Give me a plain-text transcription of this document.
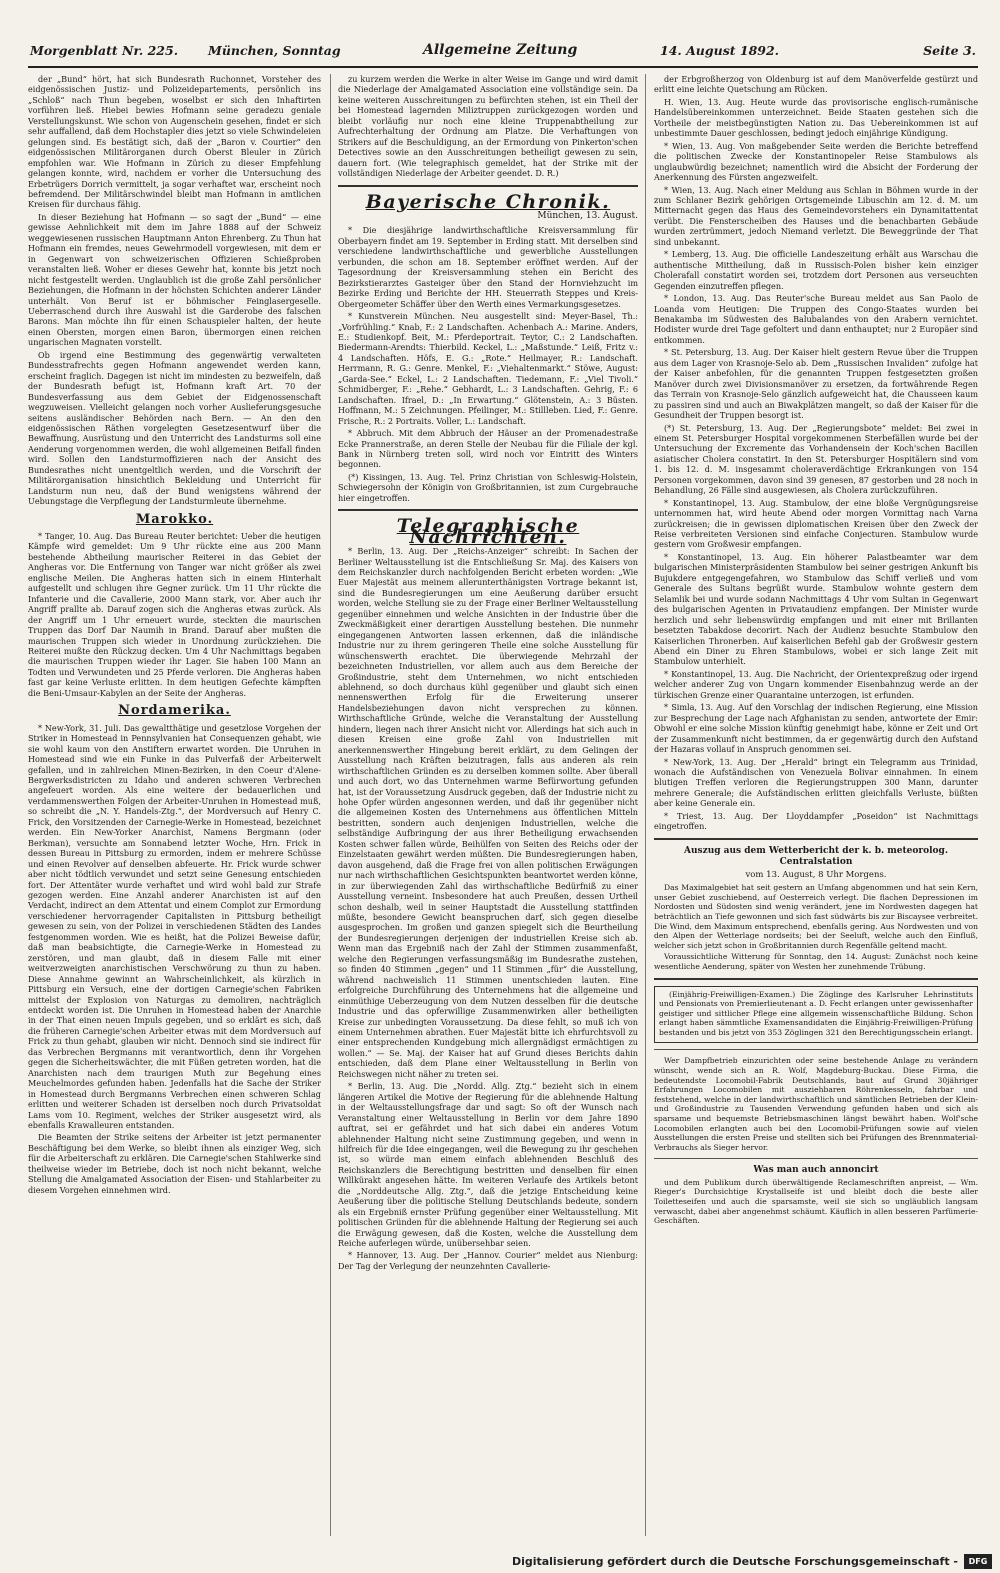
Morgenblatt Nr. 225. München, Sonntag	Allgemeine Zeitung	14. August 1892.	Seite 3.

der „Bund“ hört, hat sich Bundesrath Ruchonnet, Vorsteher des eidgenössischen Justiz- und Polizeidepartements, persönlich ins „Schloß“ nach Thun begeben, woselbst er sich den Inhaftirten vorführen ließ. Hiebei bewies Hofmann seine geradezu geniale Verstellungskunst. Wie schon von Augenschein gesehen, findet er sich sehr auffallend, daß dem Hochstapler dies jetzt so viele Schwindeleien gelungen sind. Es bestätigt sich, daß der „Baron v. Courtier“ den eidgenössischen Militärorganen durch Oberst Bleuler in Zürich empfohlen war. Wie Hofmann in Zürich zu dieser Empfehlung gelangen konnte, wird, nachdem er vorher die Untersuchung des Erbetrügers Dorrich vermittelt, ja sogar verhaftet war, erscheint noch befremdend. Der Militärschwindel bleibt man Hofmann in amtlichen Kreisen für durchaus fähig.

In dieser Beziehung hat Hofmann — so sagt der „Bund“ — eine gewisse Aehnlichkeit mit dem im Jahre 1888 auf der Schweiz weggewiesenen russischen Hauptmann Anton Ehrenberg. Zu Thun hat Hofmann ein fremdes, neues Gewehrmodell vorgewiesen, mit dem er in Gegenwart von schweizerischen Offizieren Schießproben veranstalten ließ. Woher er dieses Gewehr hat, konnte bis jetzt noch nicht festgestellt werden. Unglaublich ist die große Zahl persönlicher Beziehungen, die Hofmann in der höchsten Schichten anderer Länder unterhält. Von Beruf ist er böhmischer Feinglasergeselle. Ueberraschend durch ihre Auswahl ist die Garderobe des falschen Barons. Man möchte ihn für einen Schauspieler halten, der heute einen Obersten, morgen einen Baron, übermorgen einen reichen ungarischen Magnaten vorstellt.

Ob irgend eine Bestimmung des gegenwärtig verwalteten Bundesstrafrechts gegen Hofmann angewendet werden kann, erscheint fraglich. Dagegen ist nicht im mindesten zu bezweifeln, daß der Bundesrath befugt ist, Hofmann kraft Art. 70 der Bundesverfassung aus dem Gebiet der Eidgenossenschaft wegzuweisen. Vielleicht gelangen noch vorher Auslieferungsgesuche seitens ausländischer Behörden nach Bern. — An den den eidgenössischen Räthen vorgelegten Gesetzesentwurf über die Bewaffnung, Ausrüstung und den Unterricht des Landsturms soll eine Aenderung vorgenommen werden, die wohl allgemeinen Beifall finden wird. Sollen den Landsturmoffizieren nach der Ansicht des Bundesrathes nicht unentgeltlich werden, und die Vorschrift der Militärorganisation hinsichtlich Bekleidung und Unterricht für Landsturm nun neu, daß der Bund wenigstens während der Uebungstage die Verpflegung der Landsturmleute übernehme.

Marokko.

* Tanger, 10. Aug. Das Bureau Reuter berichtet: Ueber die heutigen Kämpfe wird gemeldet: Um 9 Uhr rückte eine aus 200 Mann bestehende Abtheilung maurischer Reiterei in das Gebiet der Angheras vor. Die Entfernung von Tanger war nicht größer als zwei englische Meilen. Die Angheras hatten sich in einem Hinterhalt aufgestellt und schlugen ihre Gegner zurück. Um 11 Uhr rückte die Infanterie und die Cavallerie, 2000 Mann stark, vor. Aber auch ihr Angriff prallte ab. Darauf zogen sich die Angheras etwas zurück. Als der Angriff um 1 Uhr erneuert wurde, steckten die maurischen Truppen das Dorf Dar Naumih in Brand. Darauf aber mußten die maurischen Truppen sich wieder in Unordnung zurückziehen. Die Reiterei mußte den Rückzug decken. Um 4 Uhr Nachmittags begaben die maurischen Truppen wieder ihr Lager. Sie haben 100 Mann an Todten und Verwundeten und 25 Pferde verloren. Die Angheras haben fast gar keine Verluste erlitten. In dem heutigen Gefechte kämpften die Beni-Umsaur-Kabylen an der Seite der Angheras.

Nordamerika.

* New-York, 31. Juli. Das gewaltthätige und gesetzlose Vorgehen der Striker in Homestead in Pennsylvanien hat Consequenzen gehabt, wie sie wohl kaum von den Anstiftern erwartet worden. Die Unruhen in Homestead sind wie ein Funke in das Pulverfaß der Arbeiterwelt gefallen, und in zahlreichen Minen-Bezirken, in den Coeur d'Alene-Bergwerksdistricten zu Idaho und anderen schweren Verbrechen angefeuert worden. Als eine weitere der bedauerlichen und verdammenswerthen Folgen der Arbeiter-Unruhen in Homestead muß, so schreibt die „N. Y. Handels-Ztg.“, der Mordversuch auf Henry C. Frick, den Vorsitzenden der Carnegie-Werke in Homestead, bezeichnet werden. Ein New-Yorker Anarchist, Namens Bergmann (oder Berkman), versuchte am Sonnabend letzter Woche, Hrn. Frick in dessen Bureau in Pittsburg zu ermorden, indem er mehrere Schüsse und einen Revolver auf denselben abfeuerte. Hr. Frick wurde schwer aber nicht tödtlich verwundet und setzt seine Genesung entschieden fort. Der Attentäter wurde verhaftet und wird wohl bald zur Strafe gezogen werden. Eine Anzahl anderer Anarchisten ist auf den Verdacht, indirect an dem Attentat und einem Complot zur Ermordung verschiedener hervorragender Capitalisten in Pittsburg betheiligt gewesen zu sein, von der Polizei in verschiedenen Städten des Landes festgenommen worden. Wie es heißt, hat die Polizei Beweise dafür, daß man beabsichtigte, die Carnegie-Werke in Homestead zu zerstören, und man glaubt, daß in diesem Falle mit einer weitverzweigten anarchistischen Verschwörung zu thun zu haben. Diese Annahme gewinnt an Wahrscheinlichkeit, als kürzlich in Pittsburg ein Versuch, eine der dortigen Carnegie'schen Fabriken mittelst der Explosion von Naturgas zu demoliren, nachträglich entdeckt worden ist. Die Unruhen in Homestead haben der Anarchie in der That einen neuen Impuls gegeben, und so erklärt es sich, daß die früheren Carnegie'schen Arbeiter etwas mit dem Mordversuch auf Frick zu thun gehabt, glauben wir nicht. Dennoch sind sie indirect für das Verbrechen Bergmanns mit verantwortlich, denn ihr Vorgehen gegen die Sicherheitswächter, die mit Füßen getreten worden, hat die Anarchisten nach dem traurigen Muth zur Begehung eines Meuchelmordes gefunden haben. Jedenfalls hat die Sache der Striker in Homestead durch Bergmanns Verbrechen einen schweren Schlag erlitten und weiterer Schaden ist derselben noch durch Privatsoldat Lams vom 10. Regiment, welches der Striker ausgesetzt wird, als ebenfalls Krawalleuren entstanden.

Die Beamten der Strike seitens der Arbeiter ist jetzt permanenter Beschäftigung bei dem Werke, so bleibt ihnen als einziger Weg, sich für die Arbeiterschaft zu erklären. Die Carnegie'schen Stahlwerke sind theilweise wieder im Betriebe, doch ist noch nicht bekannt, welche Stellung die Amalgamated Association der Eisen- und Stahlarbeiter zu diesem Vorgehen einnehmen wird.

zu kurzem werden die Werke in alter Weise im Gange und wird damit die Niederlage der Amalgamated Association eine vollständige sein. Da keine weiteren Ausschreitungen zu befürchten stehen, ist ein Theil der bei Homestead lagernden Miliztruppen zurückgezogen worden und bleibt vorläufig nur noch eine kleine Truppenabtheilung zur Aufrechterhaltung der Ordnung am Platze. Die Verhaftungen von Strikers auf die Beschuldigung, an der Ermordung von Pinkerton'schen Detectives sowie an den Ausschreitungen betheiligt gewesen zu sein, dauern fort. (Wie telegraphisch gemeldet, hat der Strike mit der vollständigen Niederlage der Arbeiter geendet. D. R.)

Bayerische Chronik.
München, 13. August.

* Die diesjährige landwirthschaftliche Kreisversammlung für Oberbayern findet am 19. September in Erding statt. Mit derselben sind verschiedene landwirthschaftliche und gewerbliche Ausstellungen verbunden, die schon am 18. September eröffnet werden. Auf der Tagesordnung der Kreisversammlung stehen ein Bericht des Bezirkstierarztes Gasteiger über den Stand der Hornviehzucht im Bezirke Erding und Berichte der HH. Steuerrath Steppes und Kreis-Obergeometer Schäffer über den Werth eines Vermarkungsgesetzes.

* Kunstverein München. Neu ausgestellt sind: Meyer-Basel, Th.: „Vorfrühling.“ Knab, F.: 2 Landschaften. Achenbach A.: Marine. Anders, E.: Studienkopf. Beit, M.: Pferdeportrait. Teytor, C.: 2 Landschaften. Biedermann-Arendts: Thierbild. Keckel, L.: „Maßstunde.“ Leiß, Fritz v.: 4 Landschaften. Höfs, E. G.: „Rote.“ Heilmayer, R.: Landschaft. Herrmann, R. G.: Genre. Menkel, F.: „Viehaltenmarkt.“ Stöwe, August: „Garda-See.“ Eckel, L.: 2 Landschaften. Tiedemann, F.: „Viel Tivoli.“ Schmidberger, F.: „Rehe.“ Gebhardt, L.: 3 Landschaften. Gehrig, F.: 6 Landschaften. Ifrael, D.: „In Erwartung.“ Glötenstein, A.: 3 Büsten. Hoffmann, M.: 5 Zeichnungen. Pfeilinger, M.: Stillleben. Lied, F.: Genre. Frische, R.: 2 Portraits. Voller, L.: Landschaft.

* Abbruch. Mit dem Abbruch der Häuser an der Promenadestraße Ecke Prannerstraße, an deren Stelle der Neubau für die Filiale der kgl. Bank in Nürnberg treten soll, wird noch vor Eintritt des Winters begonnen.

(*) Kissingen, 13. Aug. Tel. Prinz Christian von Schleswig-Holstein, Schwiegersohn der Königin von Großbritannien, ist zum Curgebrauche hier eingetroffen.

Telegraphische Nachrichten.

* Berlin, 13. Aug. Der „Reichs-Anzeiger“ schreibt: In Sachen der Berliner Weltausstellung ist die Entschließung Sr. Maj. des Kaisers von dem Reichskanzler durch nachfolgenden Bericht erbeten worden: „Wie Euer Majestät aus meinem allerunterthänigsten Vortrage bekannt ist, sind die Bundesregierungen um eine Aeußerung darüber ersucht worden, welche Stellung sie zu der Frage einer Berliner Weltausstellung gegenüber einnehmen und welche Ansichten in der Industrie über die Zweckmäßigkeit einer derartigen Ausstellung bestehen. Die nunmehr eingegangenen Antworten lassen erkennen, daß die inländische Industrie nur zu ihrem geringeren Theile eine solche Ausstellung für wünschenswerth erachtet. Die überwiegende Mehrzahl der bezeichneten Industriellen, vor allem auch aus dem Bereiche der Großindustrie, steht dem Unternehmen, wo nicht entschieden ablehnend, so doch durchaus kühl gegenüber und glaubt sich einen nennenswerthen Erfolg für die Erweiterung unserer Handelsbeziehungen davon nicht versprechen zu können. Wirthschaftliche Gründe, welche die Veranstaltung der Ausstellung hindern, liegen nach ihrer Ansicht nicht vor. Allerdings hat sich auch in diesen Kreisen eine große Zahl von Industriellen mit anerkennenswerther Hingebung bereit erklärt, zu dem Gelingen der Ausstellung nach Kräften beizutragen, falls aus anderen als rein wirthschaftlichen Gründen es zu derselben kommen sollte. Aber überall und auch dort, wo das Unternehmen warme Befürwortung gefunden hat, ist der Voraussetzung Ausdruck gegeben, daß der Industrie nicht zu hohe Opfer würden angesonnen werden, und daß ihr gegenüber nicht die allgemeinen Kosten des Unternehmens aus öffentlichen Mitteln bestritten, sondern auch denjenigen Industriellen, welche die selbständige Aufbringung der aus ihrer Betheiligung erwachsenden Kosten schwer fallen würde, Beihülfen von Seiten des Reichs oder der Einzelstaaten gewährt werden müßten. Die Bundesregierungen haben, davon ausgehend, daß die Frage frei von allen politischen Erwägungen nur nach wirthschaftlichen Gesichtspunkten beantwortet werden könne, in zur überwiegenden Zahl das wirthschaftliche Bedürfniß zu einer Ausstellung verneint. Insbesondere hat auch Preußen, dessen Urtheil schon deshalb, weil in seiner Hauptstadt die Ausstellung stattfinden müßte, besondere Gewicht beanspruchen darf, sich gegen dieselbe ausgesprochen. Im großen und ganzen spiegelt sich die Beurtheilung der Bundesregierungen derjenigen der industriellen Kreise sich ab. Wenn man das Ergebniß nach der Zahl der Stimmen zusammenfaßt, welche den Regierungen verfassungsmäßig im Bundesrathe zustehen, so finden 40 Stimmen „gegen“ und 11 Stimmen „für“ die Ausstellung, während nachweislich 11 Stimmen unentschieden lauten. Eine erfolgreiche Durchführung des Unternehmens hat die allgemeine und einmüthige Ueberzeugung von dem Nutzen desselben für die deutsche Industrie und das opferwillige Zusammenwirken aller betheiligten Kreise zur unbedingten Voraussetzung. Da diese fehlt, so muß ich von einem Unternehmen abrathen. Euer Majestät bitte ich ehrfurchtsvoll zu einer entsprechenden Kundgebung mich allergnädigst ermächtigen zu wollen.“ — Se. Maj. der Kaiser hat auf Grund dieses Berichts dahin entschieden, daß dem Plane einer Weltausstellung in Berlin von Reichswegen nicht näher zu treten sei.

* Berlin, 13. Aug. Die „Nordd. Allg. Ztg.“ bezieht sich in einem längeren Artikel die Motive der Regierung für die ablehnende Haltung in der Weltausstellungsfrage dar und sagt: So oft der Wunsch nach Veranstaltung einer Weltausstellung in Berlin vor dem Jahre 1890 auftrat, sei er gefährdet und hat sich dabei ein anderes Votum ablehnender Haltung nicht seine Zustimmung gegeben, und wenn in hilfreich für die Idee eingegangen, weil die Bewegung zu ihr geschehen ist, so würde man einem einfach ablehnenden Beschluß des Reichskanzlers die Berechtigung bestritten und denselben für einen Willkürakt angesehen hätte. Im weiteren Verlaufe des Artikels betont die „Norddeutsche Allg. Ztg.“, daß die jetzige Entscheidung keine Aeußerung über die politische Stellung Deutschlands bedeute, sondern als ein Ergebniß ernster Prüfung gegenüber einer Weltausstellung. Mit politischen Gründen für die ablehnende Haltung der Regierung sei auch die Erwägung gewesen, daß die Kosten, welche die Ausstellung dem Reiche auferlegen würde, unübersehbar seien.

* Hannover, 13. Aug. Der „Hannov. Courier“ meldet aus Nienburg: Der Tag der Verlegung der neunzehnten Cavallerie-

der Erbgroßherzog von Oldenburg ist auf dem Manöverfelde gestürzt und erlitt eine leichte Quetschung am Rücken.

H. Wien, 13. Aug. Heute wurde das provisorische englisch-rumänische Handelsübereinkommen unterzeichnet. Beide Staaten gestehen sich die Vortheile der meistbegünstigten Nation zu. Das Uebereinkommen ist auf unbestimmte Dauer geschlossen, bedingt jedoch einjährige Kündigung.

* Wien, 13. Aug. Von maßgebender Seite werden die Berichte betreffend die politischen Zwecke der Konstantinopeler Reise Stambulows als unglaubwürdig bezeichnet; namentlich wird die Absicht der Forderung der Anerkennung des Fürsten angezweifelt.

* Wien, 13. Aug. Nach einer Meldung aus Schlan in Böhmen wurde in der zum Schlaner Bezirk gehörigen Ortsgemeinde Libuschin am 12. d. M. um Mitternacht gegen das Haus des Gemeindevorstehers ein Dynamitattentat verübt. Die Fensterscheiben des Hauses und die benachbarten Gebäude wurden zertrümmert, jedoch Niemand verletzt. Die Beweggründe der That sind unbekannt.

* Lemberg, 13. Aug. Die officielle Landeszeitung erhält aus Warschau die authentische Mittheilung, daß in Russisch-Polen bisher kein einziger Cholerafall constatirt worden sei, trotzdem dort Personen aus verseuchten Gegenden einzutreffen pflegen.

* London, 13. Aug. Das Reuter'sche Bureau meldet aus San Paolo de Loanda vom Heutigen: Die Truppen des Congo-Staates wurden bei Benakamba im Südwesten des Balubalandes von den Arabern vernichtet. Hodister wurde drei Tage gefoltert und dann enthauptet; nur 2 Europäer sind entkommen.

* St. Petersburg, 13. Aug. Der Kaiser hielt gestern Revue über die Truppen aus dem Lager von Krasnoje-Selo ab. Dem „Russischen Invaliden“ zufolge hat der Kaiser anbefohlen, für die genannten Truppen festgesetzten großen Manöver durch zwei Divisionsmanöver zu ersetzen, da fortwährende Regen das Terrain von Krasnoje-Selo gänzlich aufgeweicht hat, die Chausseen kaum zu passiren sind und auch an Biwakplätzen mangelt, so daß der Kaiser für die Gesundheit der Truppen besorgt ist.

(*) St. Petersburg, 13. Aug. Der „Regierungsbote“ meldet: Bei zwei in einem St. Petersburger Hospital vorgekommenen Sterbefällen wurde bei der Untersuchung der Excremente das Vorhandensein der Koch'schen Bacillen asiatischer Cholera constatirt. In den St. Petersburger Hospitälern sind vom 1. bis 12. d. M. insgesammt choleraverdächtige Erkrankungen von 154 Personen vorgekommen, davon sind 39 genesen, 87 gestorben und 28 noch in Behandlung, 26 Fälle sind ausgewiesen, als Cholera zurückzuführen.

* Konstantinopel, 13. Aug. Stambulow, der eine bloße Vergnügungsreise unternommen hat, wird heute Abend oder morgen Vormittag nach Varna zurückreisen; die in gewissen diplomatischen Kreisen über den Zweck der Reise verbreiteten Versionen sind einfache Conjecturen. Stambulow wurde gestern vom Großwesir empfangen.

* Konstantinopel, 13. Aug. Ein höherer Palastbeamter war dem bulgarischen Ministerpräsidenten Stambulow bei seiner gestrigen Ankunft bis Bujukdere entgegengefahren, wo Stambulow das Schiff verließ und vom Generale des Sultans begrüßt wurde. Stambulow wohnte gestern dem Selamlik bei und wurde sodann Nachmittags 4 Uhr vom Sultan in Gegenwart des bulgarischen Agenten in Privataudienz empfangen. Der Minister wurde herzlich und sehr liebenswürdig empfangen und mit einer mit Brillanten besetzten Tabakdose decorirt. Nach der Audienz besuchte Stambulow den Kaiserlichen Thronerben. Auf kaiserlichen Befehl gab der Großwesir gestern Abend ein Diner zu Ehren Stambulows, wobei er sich lange Zeit mit Stambulow unterhielt.

* Konstantinopel, 13. Aug. Die Nachricht, der Orientexpreßzug oder irgend welcher anderer Zug von Ungarn kommender Eisenbahnzug werde an der türkischen Grenze einer Quarantaine unterzogen, ist erfunden.

* Simla, 13. Aug. Auf den Vorschlag der indischen Regierung, eine Mission zur Besprechung der Lage nach Afghanistan zu senden, antwortete der Emir: Obwohl er eine solche Mission künftig genehmigt habe, könne er Zeit und Ort der Zusammenkunft nicht bestimmen, da er gegenwärtig durch den Aufstand der Hazaras vollauf in Anspruch genommen sei.

* New-York, 13. Aug. Der „Herald“ bringt ein Telegramm aus Trinidad, wonach die Aufständischen von Venezuela Bolivar einnahmen. In einem blutigen Treffen verloren die Regierungstruppen 300 Mann, darunter mehrere Generale; die Aufständischen erlitten gleichfalls Verluste, büßten aber keine Generale ein.

* Triest, 13. Aug. Der Lloyddampfer „Poseidon“ ist Nachmittags eingetroffen.

Auszug aus dem Wetterbericht der k. b. meteorolog. Centralstation
vom 13. August, 8 Uhr Morgens.

Das Maximalgebiet hat seit gestern an Umfang abgenommen und hat sein Kern, unser Gebiet zuschiebend, auf Oesterreich verlegt. Die flachen Depressionen im Nordosten und Südosten sind wenig verändert, jene im Nordwesten dagegen hat beträchtlich an Tiefe gewonnen und sich fast südwärts bis zur Biscaysee verbreitet. Die Wind, dem Maximum entsprechend, ebenfalls gering. Aus Nordwesten und von den Alpen der Wetterlage nordseits; bei der Seeluft, welche auch den Einfluß, welcher sich jetzt schon in Großbritannien durch Regenfälle geltend macht.

Voraussichtliche Witterung für Sonntag, den 14. August: Zunächst noch keine wesentliche Aenderung, später von Westen her zunehmende Trübung.

(Einjährig-Freiwilligen-Examen.) Die Zöglinge des Karlsruher Lehrinstituts und Pensionats von Premierlieutenant a. D. Fecht erlangen unter gewissenhafter geistiger und sittlicher Pflege eine allgemein wissenschaftliche Bildung. Schon erlangt haben sämmtliche Examensandidaten die Einjährig-Freiwilligen-Prüfung bestanden und bis jetzt von 353 Zöglingen 321 den Berechtigungsschein erlangt.

Wer Dampfbetrieb einzurichten oder seine bestehende Anlage zu verändern wünscht, wende sich an R. Wolf, Magdeburg-Buckau. Diese Firma, die bedeutendste Locomobil-Fabrik Deutschlands, baut auf Grund 30jähriger Erfahrungen Locomobilen mit ausziehbaren Röhrenkesseln, fahrbar und feststehend, welche in der landwirthschaftlich und sämtlichen Betrieben der Klein- und Großindustrie zu Tausenden Verwendung gefunden haben und sich als sparsame und bequemste Betriebsmaschinen längst bewährt haben. Wolf'sche Locomobilen erlangten auch bei den Locomobil-Prüfungen sowie auf vielen Ausstellungen die ersten Preise und stellten sich bei Prüfungen des Brennmaterial-Verbrauchs als Sieger hervor.

Was man auch annoncirt

und dem Publikum durch überwältigende Reclameschriften anpreist, — Wm. Rieger's Durchsichtige Krystallseife ist und bleibt doch die beste aller Toiletteseifen und auch die sparsamste, weil sie sich so ungläublich langsam verwascht, dabei aber angenehmst schäumt. Käuflich in allen besseren Parfümerie-Geschäften.

Digitalisierung gefördert durch die Deutsche Forschungsgemeinschaft -	DFG
